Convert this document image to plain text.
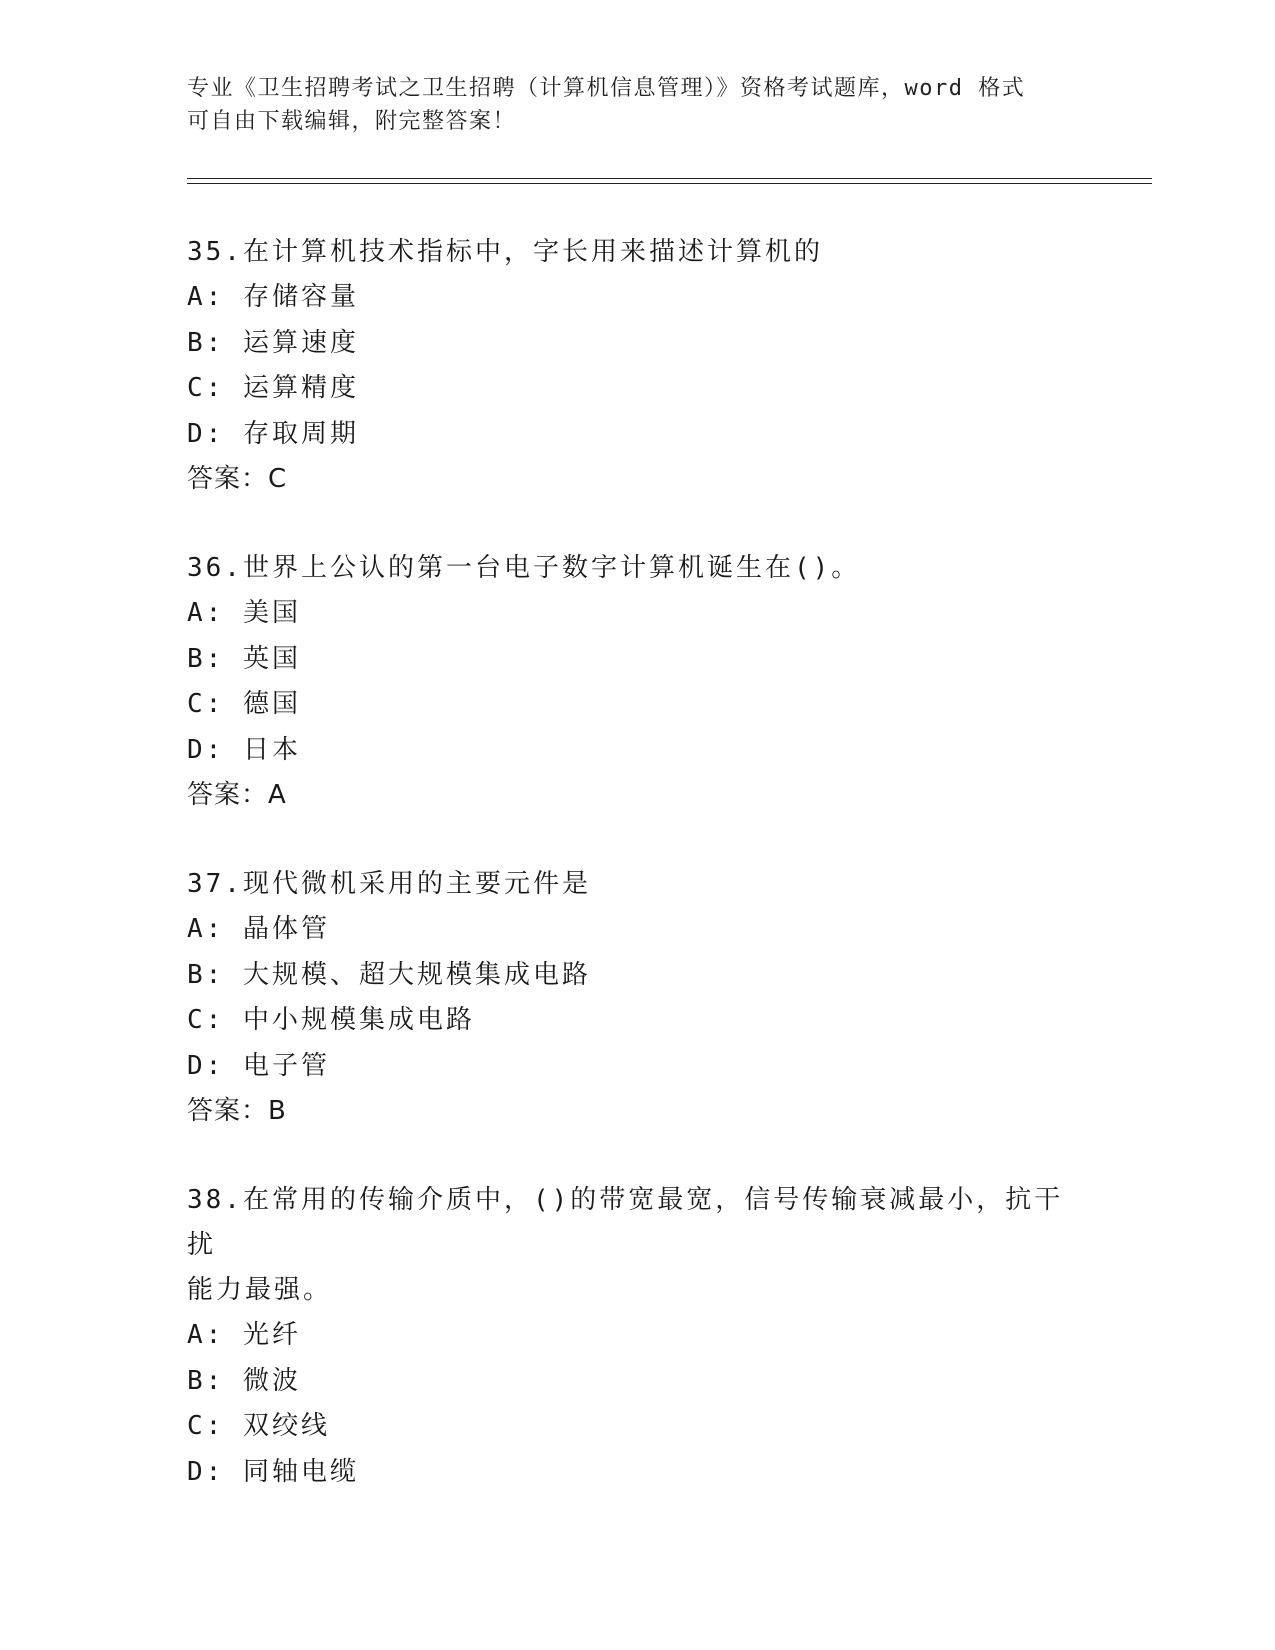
专业《卫生招聘考试之卫生招聘（计算机信息管理）》资格考试题库，word 格式
可自由下载编辑，附完整答案！

35.在计算机技术指标中，字长用来描述计算机的

A: 存储容量

B: 运算速度

C: 运算精度

D: 存取周期

答案：C

36.世界上公认的第一台电子数字计算机诞生在()。

A: 美国

B: 英国

C: 德国

D: 日本

答案：A

37.现代微机采用的主要元件是

A: 晶体管

B: 大规模、超大规模集成电路

C: 中小规模集成电路

D: 电子管

答案：B

38.在常用的传输介质中，()的带宽最宽，信号传输衰减最小，抗干扰

能力最强。

A: 光纤

B: 微波

C: 双绞线

D: 同轴电缆
